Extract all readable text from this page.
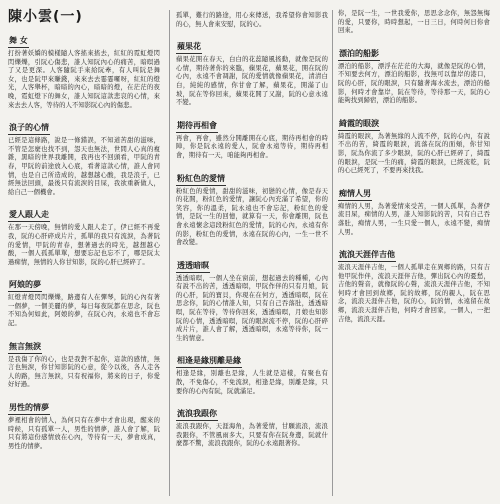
陳小雲(一)
舞 女

打扮著妖嬌的模樣隨人客搖來搖去，紅紅的霓虹燈閃閃爍爍，引阮心傷悲，誰人知阮內心的痛苦，暗暝過了又是更深。人客隨阮手來給阮牽，有人叫阮是舞女，也是阮甲來賺錢，來來去去霎霎囉呀，紅紅的燈光，人客舉杯，暗暗的內心，暗暗的燈，在茫茫的夜晚，霓虹燈下的舞女，誰人知阮這款悲哀的心情，來來去去人客，等待的人不知影阮心內的傷悲。

浪子的心情

已經是這條路，說是一條錯誤，不知道苦甜的滋味，不管是怎麼也找不到，怨天也無法，世間人心真的複雜，黑暗的世界我離開，我再也不回頭看，甲阮的青春，甲阮的前途放入心底，看著這款心情，誰人會同情，也是自己所造成的，越想越心酸，我是浪子，已經無法回頭，最後只有流淚的目屎，我欲重新做人，給自己一個機會。

愛人跟人走

在那一天傍晚，無情的愛人跟人走了，伊已經不再愛我，阮的心肝碎成片片，孤單的我只有流淚，為著阮的愛情，甲阮的青春，想著過去的時光，越想越心酸，一個人孤孤單單，想要忘記也忘不了，哪是阮太過痴情，無情的人你甘知影，阮的心肝已經碎了。

阿娘的夢

紅燈青燈閃閃爍爍，路邊有人在彈琴，阮的心內有著一個夢，一個美麗的夢，每日每夜阮都在思念，阮也不知為何如此，阿娘的夢，在阮心內，永遠也不會忘記。

無言無淚

是我傷了你的心，也是我對不起你，這款的感情，無言也無淚，你甘知影阮的心意，從今以後，各人走各人的路，無言無淚，只有祝福你，將來的日子，你愛好好過。

男性的情夢

夢裡相會的情人，為何只有在夢中才會出現，醒來的時候，只有孤單一人，男性的情夢，誰人會了解，阮只有將這份感情放在心內，等待有一天，夢會成真，男性的情夢。

孤單，難行的路途，用心來傳送，我希望你會知影我的心，無人會來安慰，阮的心。

蘋果花

蘋果花開在春天，白白的花蕊隨風搖動，就像是阮的心情，期待著你的來臨，蘋果花，蘋果花，開在阮的心內，永遠不會凋謝，阮的愛情就像蘋果花，清清白白，純純的感情，你甘會了解，蘋果花，開滿了山坡，阮在等你回來，蘋果花開了又謝，阮的心意永遠不變。

期待再相會

再會，再會，雖然分開離開在心底，期待再相會的時陣，你是阮永遠的愛人，阮會永遠等待，期待再相會，期待有一天，咱能夠再相會。

粉紅色的愛情

粉紅色的愛情，甜甜的滋味，初戀的心情，像是春天的花開，粉紅色的愛情，讓阮心內充滿了希望，你的笑容，你的溫柔，阮永遠也不會忘記，粉紅色的愛情，是阮一生的回憶，就算有一天，你會離開，阮也會永遠懷念這段粉紅色的愛情，阮的心內，永遠有你的影，粉紅色的愛情，永遠在阮的心內，一生一世不會改變。

透透暗暝

透透暗暝，一個人坐在窗前，想起過去的種種，心內有說不出的苦，透透暗暝，甲阮作伴的只有月娘，阮的心肝，阮的寶貝，你現在在何方，透透暗暝，阮在思念你，阮的心情誰人知，只有自己吞落肚，透透暗暝，阮在等待，等待你回來，透透暗暝，月娘也知影阮的心情，透透暗暝，阮的眼淚流不停，阮的心肝碎成片片，誰人會了解，透透暗暝，永遠等待你，阮一生的情意。

相逢是緣別離是緣

相逢是緣，別離也是緣，人生就是這樣，有聚也有散，不免傷心，不免流淚，相逢是緣，別離是緣，只要你的心內有阮，阮就滿足。

流浪我跟你

流浪我跟你，天涯海角，為著愛情，甘願流浪，流浪我跟你，不管風雨多大，只要有你在阮身邊，阮就什麼都不驚，流浪我跟你，阮的心永遠跟著你。

你，是阮一生，一世我愛你，思思念念你，無怨無悔的愛，只要你，時時想起，一日三日，何時何日你會回來。

漂泊的船影

漂泊的船影，漂浮在茫茫的大海，就像是阮的心情，不知要去何方，漂泊的船影，找無可以靠岸的港口，阮的心肝，阮的眼淚，只有隨著海水流去，漂泊的船影，何時才會靠岸，阮在等待，等待那一天，阮的心能夠找到歸宿，漂泊的船影。

綺霞的眼淚

綺霞的眼淚，為著無緣的人流不停，阮的心內，有說不出的苦，綺霞的眼淚，流落在阮的面頰，你甘知影，阮為你流了多少眼淚，阮的心肝已經碎了，綺霞的眼淚，是阮一生的痛，綺霞的眼淚，已經流乾，阮的心已經死了，不要再來找我。

痴情人男

痴情的人男，為著愛情來受苦，一個人孤單，為著伊流目屎，痴情的人男，誰人知影阮的苦，只有自己吞落肚，痴情人男，一生只愛一個人，永遠不變，痴情人男。

流浪天涯伴吉他

流浪天涯伴吉他，一個人孤單走在異鄉的路，只有吉他甲阮作伴，流浪天涯伴吉他，彈出阮心內的憂愁，吉他的聲音，就像阮的心聲，流浪天涯伴吉他，不知何時才會回到故鄉，阮的故鄉，阮的親人，阮在思念，流浪天涯伴吉他，阮的心，阮的情，永遠留在故鄉，流浪天涯伴吉他，何時才會回家，一個人，一把吉他，流浪天涯。
